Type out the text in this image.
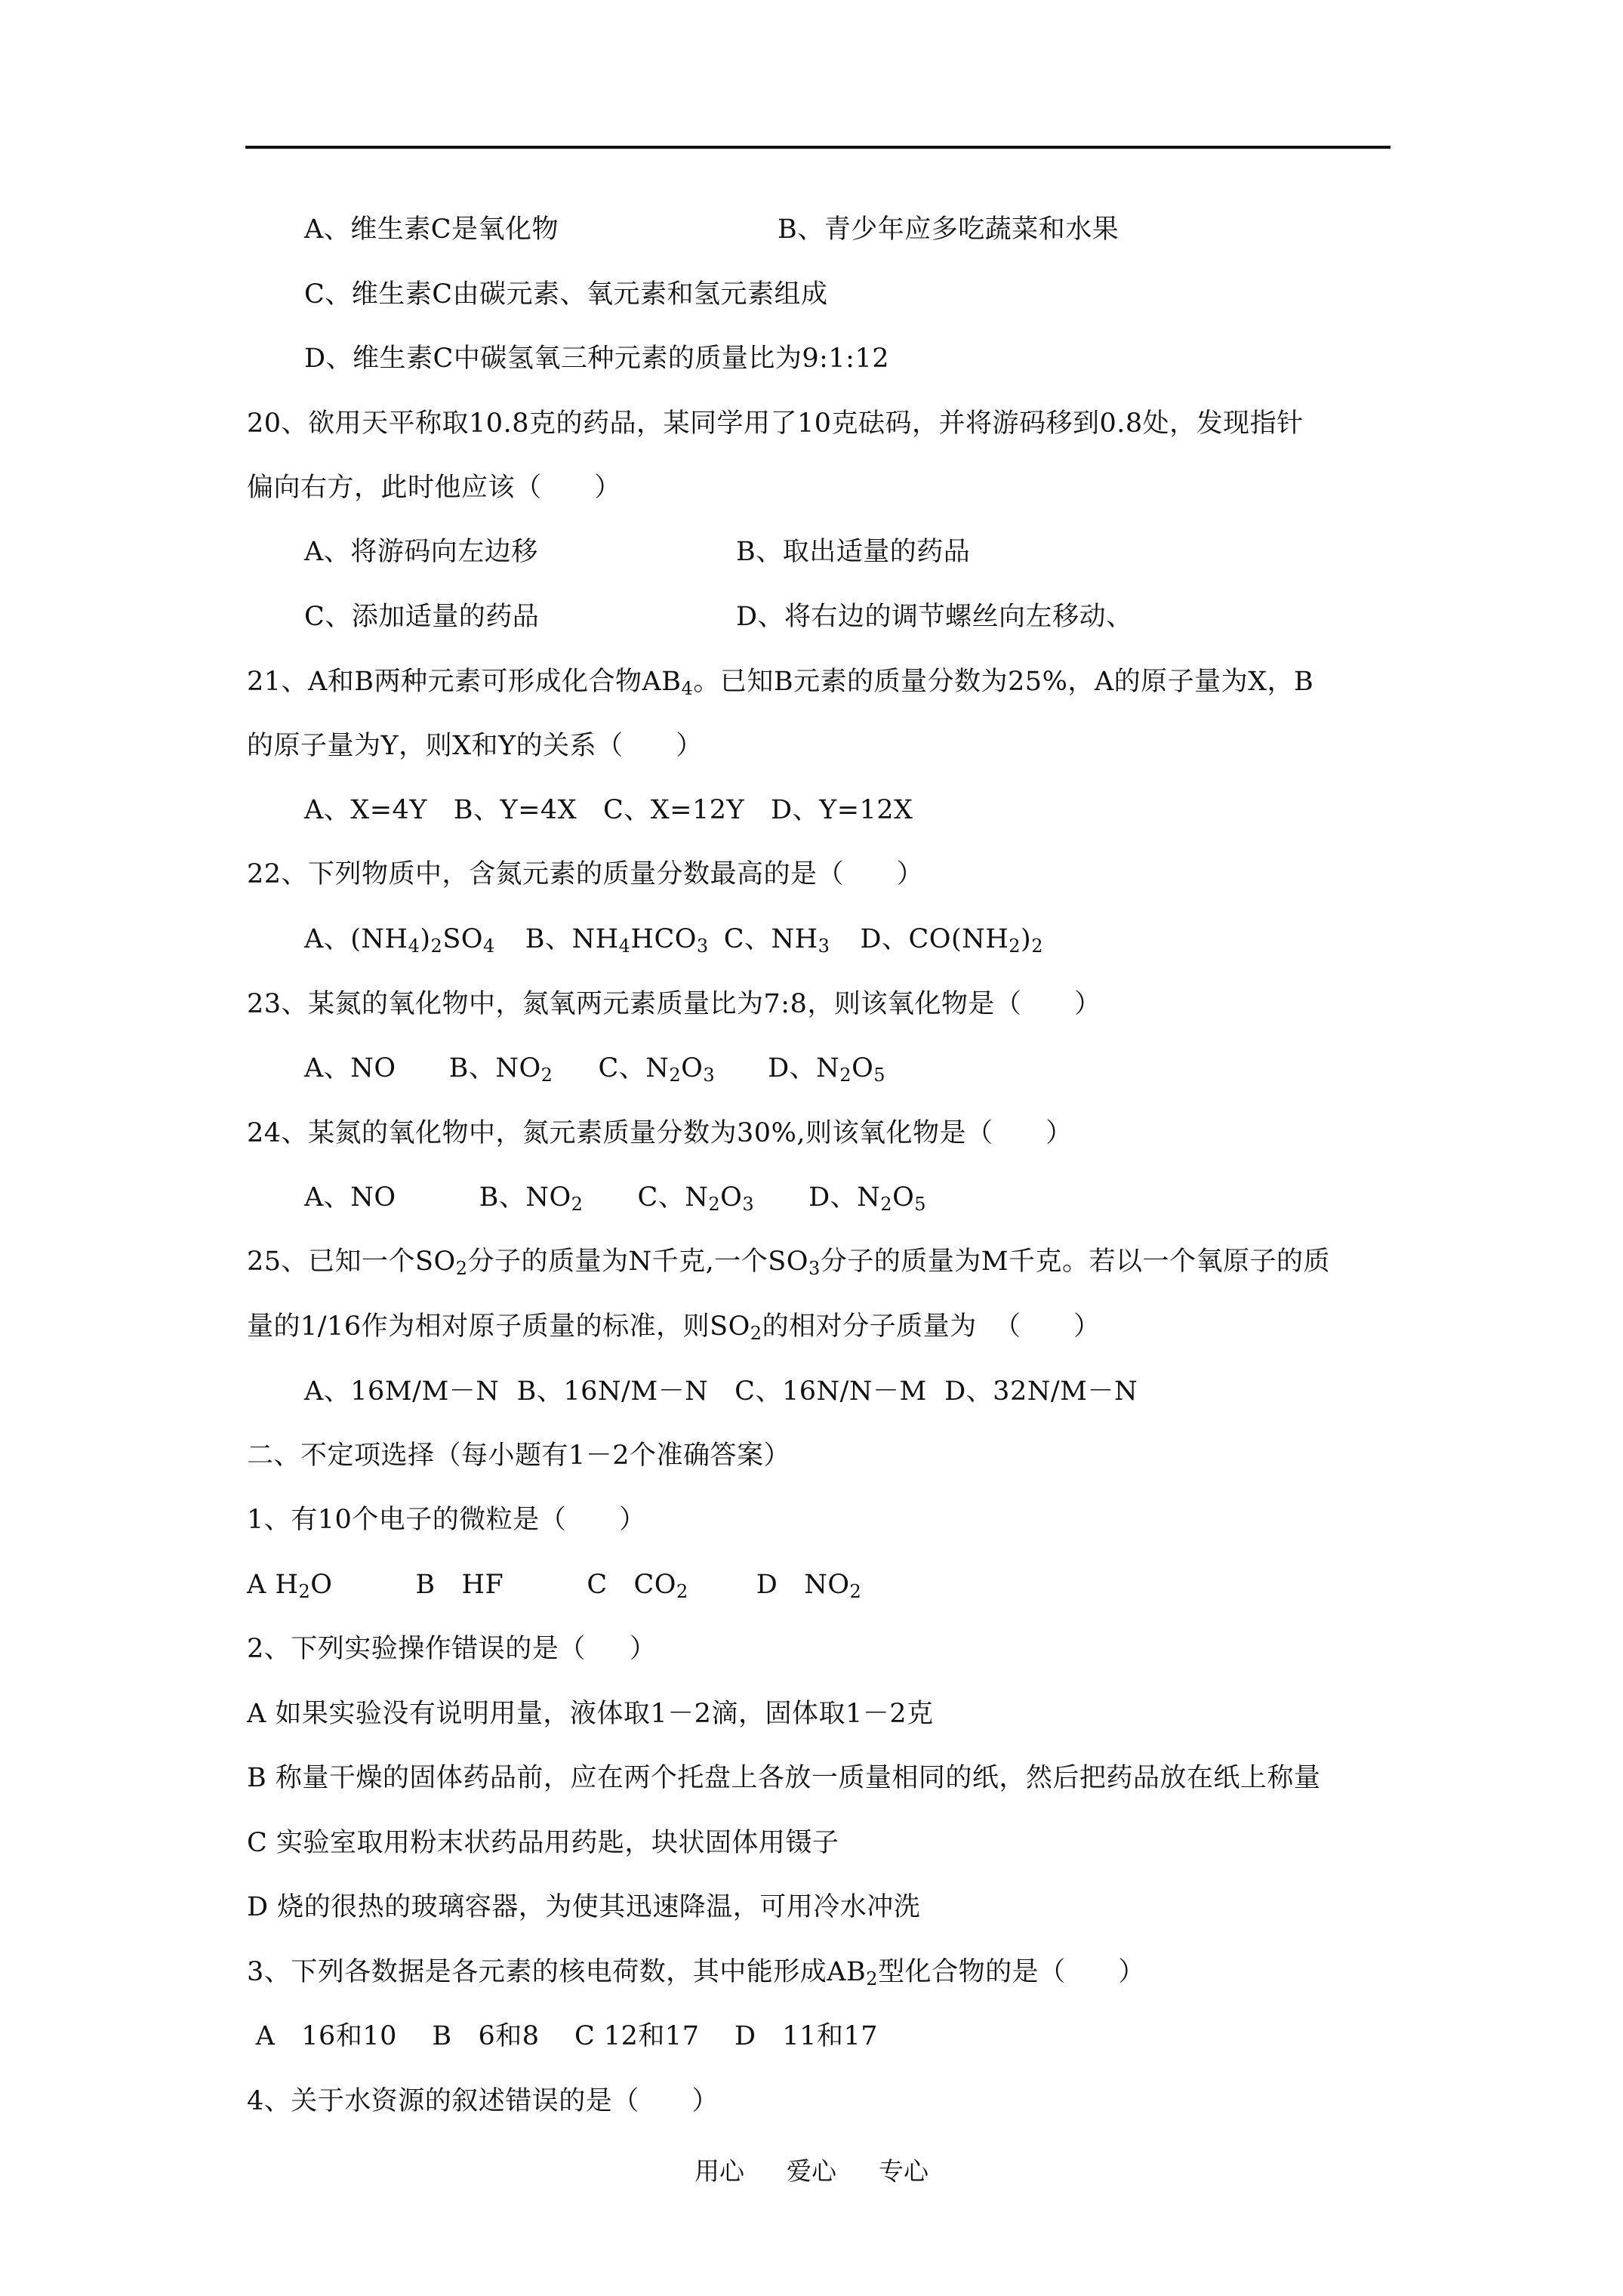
A、维生素C是氧化物	B、青少年应多吃蔬菜和水果
C、维生素C由碳元素、氧元素和氢元素组成
D、维生素C中碳氢氧三种元素的质量比为9:1:12
20、欲用天平称取10.8克的药品，某同学用了10克砝码，并将游码移到0.8处，发现指针
偏向右方，此时他应该（      ）
A、将游码向左边移	B、取出适量的药品
C、添加适量的药品	D、将右边的调节螺丝向左移动、
21、A和B两种元素可形成化合物$AB_4$。已知B元素的质量分数为25%，A的原子量为X，B
的原子量为Y，则X和Y的关系（      ）
A、X=4Y   B、Y=4X   C、X=12Y   D、Y=12X
22、下列物质中，含氮元素的质量分数最高的是（      ）
A、$(NH_4)_2SO_4$ B、$NH_4HCO_3$ C、$NH_3$ D、$CO(NH_2)_2$
23、某氮的氧化物中，氮氧两元素质量比为7:8，则该氧化物是（      ）
A、NO B、$NO_2$ C、$N_2O_3$ D、$N_2O_5$
24、某氮的氧化物中，氮元素质量分数为30%,则该氧化物是（      ）
A、NO	B、$NO_2$ C、$N_2O_3$ D、$N_2O_5$
25、已知一个$SO_2$分子的质量为N千克,一个$SO_3$分子的质量为M千克。若以一个氧原子的质
量的1/16作为相对原子质量的标准，则$SO_2$的相对分子质量为  （      ）
A、16M/M－N  B、16N/M－N   C、16N/N－M  D、32N/M－N
二、不定项选择（每小题有1－2个准确答案）
1、有10个电子的微粒是（      ）
A $H_2O$	B   HF	C   $CO_2$	D   $NO_2$
2、下列实验操作错误的是（     ）
A 如果实验没有说明用量，液体取1－2滴，固体取1－2克
B 称量干燥的固体药品前，应在两个托盘上各放一质量相同的纸，然后把药品放在纸上称量
C 实验室取用粉末状药品用药匙，块状固体用镊子
D 烧的很热的玻璃容器，为使其迅速降温，可用冷水冲洗
3、下列各数据是各元素的核电荷数，其中能形成$AB_2$型化合物的是（      ）
A   16和10    B   6和8    C 12和17    D   11和17
4、关于水资源的叙述错误的是（      ）
用心 爱心 专心
